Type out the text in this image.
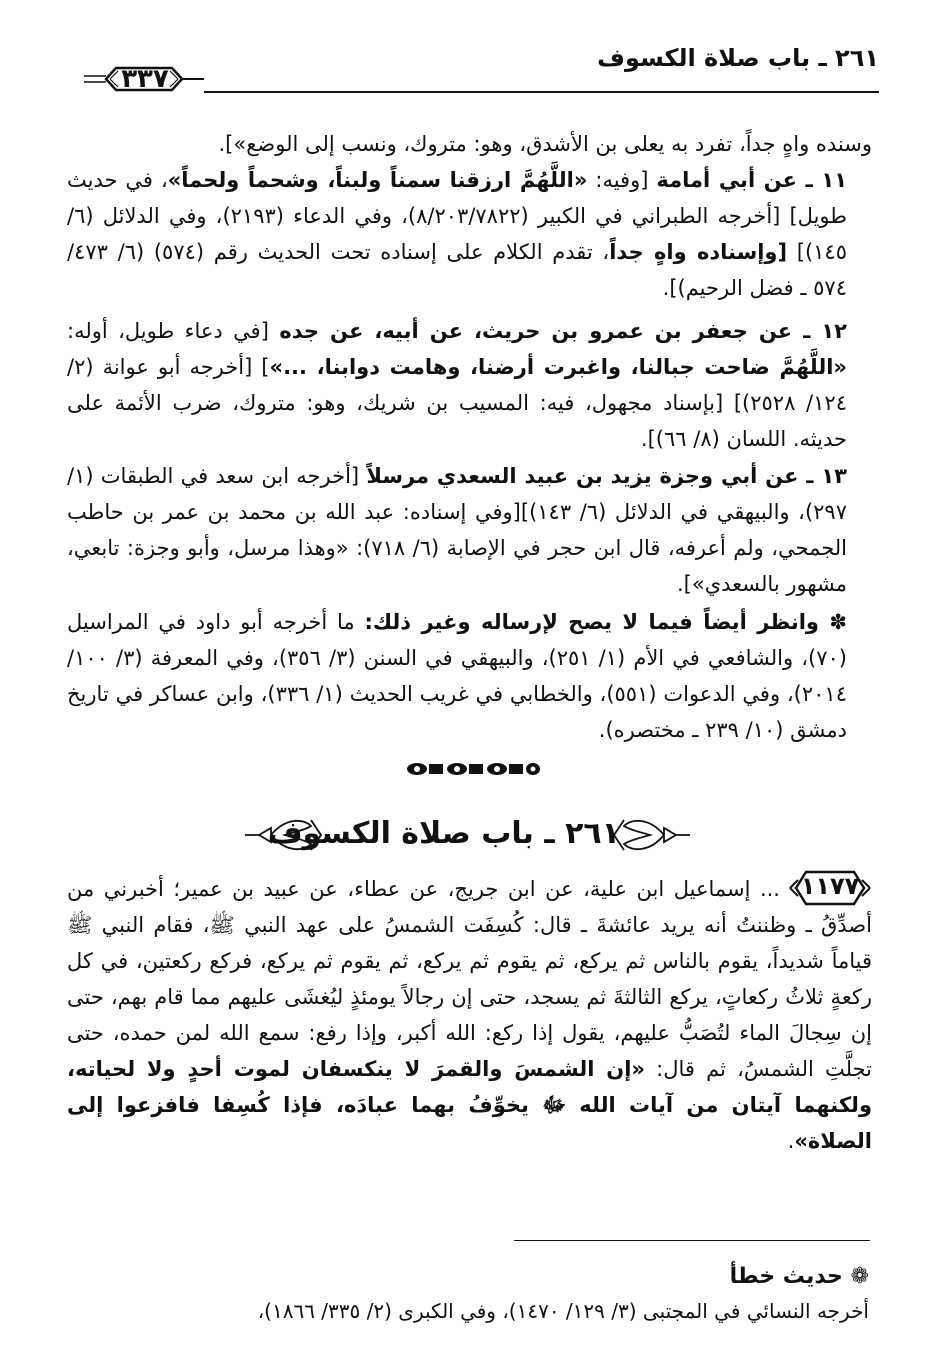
٢٦١ ـ باب صلاة الكسوف
٣٣٧
وسنده واهٍ جداً، تفرد به يعلى بن الأشدق، وهو: متروك، ونسب إلى الوضع»].
١١ ـ عن أبي أمامة [وفيه: «اللَّهُمَّ ارزقنا سمناً ولبناً، وشحماً ولحماً»، في حديث طويل] [أخرجه الطبراني في الكبير (٨/٢٠٣/٧٨٢٢)، وفي الدعاء (٢١٩٣)، وفي الدلائل (٦/ ١٤٥)] [وإسناده واهٍ جداً، تقدم الكلام على إسناده تحت الحديث رقم (٥٧٤) (٦/ ٤٧٣/ ٥٧٤ ـ فضل الرحيم)].
١٢ ـ عن جعفر بن عمرو بن حريث، عن أبيه، عن جده [في دعاء طويل، أوله: «اللَّهُمَّ ضاحت جبالنا، واغبرت أرضنا، وهامت دوابنا، ...»] [أخرجه أبو عوانة (٢/ ١٢٤/ ٢٥٢٨)] [بإسناد مجهول، فيه: المسيب بن شريك، وهو: متروك، ضرب الأئمة على حديثه. اللسان (٨/ ٦٦)].
١٣ ـ عن أبي وجزة يزيد بن عبيد السعدي مرسلاً [أخرجه ابن سعد في الطبقات (١/ ٢٩٧)، والبيهقي في الدلائل (٦/ ١٤٣)][وفي إسناده: عبد الله بن محمد بن عمر بن حاطب الجمحي، ولم أعرفه، قال ابن حجر في الإصابة (٦/ ٧١٨): «وهذا مرسل، وأبو وجزة: تابعي، مشهور بالسعدي»].
✽ وانظر أيضاً فيما لا يصح لإرساله وغير ذلك: ما أخرجه أبو داود في المراسيل (٧٠)، والشافعي في الأم (١/ ٢٥١)، والبيهقي في السنن (٣/ ٣٥٦)، وفي المعرفة (٣/ ١٠٠/ ٢٠١٤)، وفي الدعوات (٥٥١)، والخطابي في غريب الحديث (١/ ٣٣٦)، وابن عساكر في تاريخ دمشق (١٠/ ٢٣٩ ـ مختصره).
٢٦١ ـ باب صلاة الكسوف
١١٧٧
... إسماعيل ابن علية، عن ابن جريج، عن عطاء، عن عبيد بن عمير؛ أخبرني من أصدِّقُ ـ وظننتُ أنه يريد عائشةَ ـ قال: كُسِفَت الشمسُ على عهد النبي ﷺ، فقام النبي ﷺ قياماً شديداً، يقوم بالناس ثم يركع، ثم يقوم ثم يركع، ثم يقوم ثم يركع، فركع ركعتين، في كل ركعةٍ ثلاثُ ركعاتٍ، يركع الثالثةَ ثم يسجد، حتى إن رجالاً يومئذٍ ليُغشَى عليهم مما قام بهم، حتى إن سِجالَ الماء لتُصَبُّ عليهم، يقول إذا ركع: الله أكبر، وإذا رفع: سمع الله لمن حمده، حتى تجلَّتِ الشمسُ، ثم قال: «إن الشمسَ والقمرَ لا ينكسفان لموت أحدٍ ولا لحياته، ولكنهما آيتان من آيات الله ﷻ يخوِّفُ بهما عبادَه، فإذا كُسِفا فافزعوا إلى الصلاة».
❁ حديث خطأ
أخرجه النسائي في المجتبى (٣/ ١٢٩/ ١٤٧٠)، وفي الكبرى (٢/ ٣٣٥/ ١٨٦٦)،
